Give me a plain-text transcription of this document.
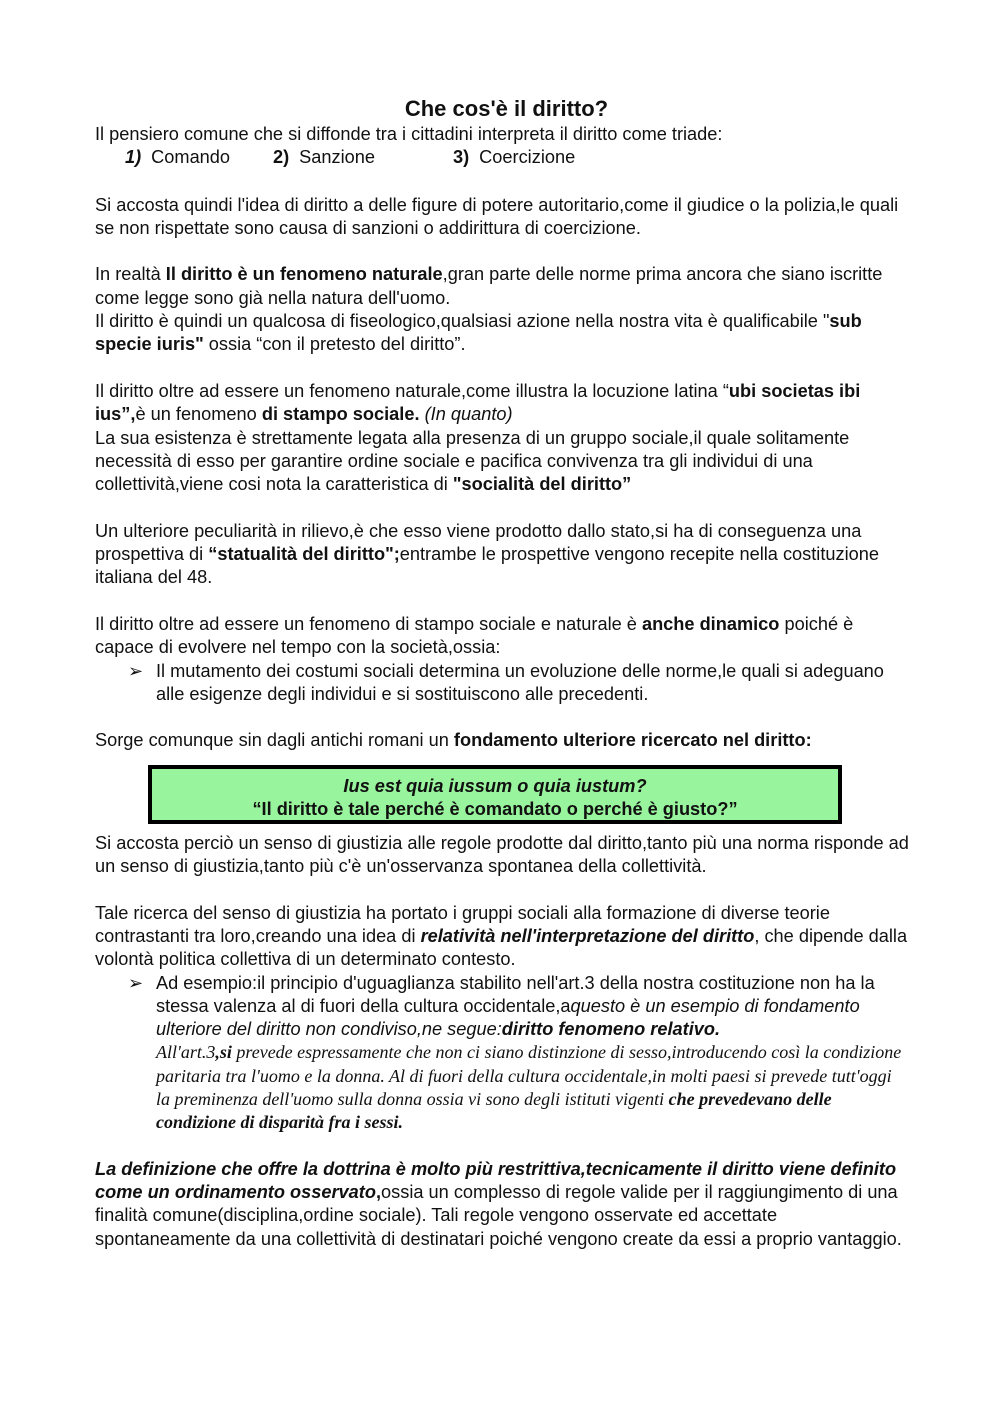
Che cos'è il diritto?

Il pensiero comune che si diffonde tra i cittadini interpreta il diritto come triade:

1) Comando	2) Sanzione	3) Coercizione

Si accosta quindi l'idea di diritto a delle figure di potere autoritario,come il giudice o la polizia,le quali se non rispettate sono causa di sanzioni o addirittura di coercizione.

In realtà Il diritto è un fenomeno naturale,gran parte delle norme prima ancora che siano iscritte come legge sono già nella natura dell'uomo.

Il diritto è quindi un qualcosa di fiseologico,qualsiasi azione nella nostra vita è qualificabile "sub specie iuris" ossia “con il pretesto del diritto”.

Il diritto oltre ad essere un fenomeno naturale,come illustra la locuzione latina “ubi societas ibi ius”,è un fenomeno di stampo sociale. (In quanto)

La sua esistenza è strettamente legata alla presenza di un gruppo sociale,il quale solitamente necessità di esso per garantire ordine sociale e pacifica convivenza tra gli individui di una collettività,viene cosi nota la caratteristica di "socialità del diritto”

Un ulteriore peculiarità in rilievo,è che esso viene prodotto dallo stato,si ha di conseguenza una prospettiva di “statualità del diritto";entrambe le prospettive vengono recepite nella costituzione italiana del 48.

Il diritto oltre ad essere un fenomeno di stampo sociale e naturale è anche dinamico poiché è capace di evolvere nel tempo con la società,ossia:

➢ Il mutamento dei costumi sociali determina un evoluzione delle norme,le quali si adeguano alle esigenze degli individui e si sostituiscono alle precedenti.

Sorge comunque sin dagli antichi romani un fondamento ulteriore ricercato nel diritto:

Ius est quia iussum o quia iustum?
“Il diritto è tale perché è comandato o perché è giusto?”

Si accosta perciò un senso di giustizia alle regole prodotte dal diritto,tanto più una norma risponde ad un senso di giustizia,tanto più c'è un'osservanza spontanea della collettività.

Tale ricerca del senso di giustizia ha portato i gruppi sociali alla formazione di diverse teorie contrastanti tra loro,creando una idea di relatività nell'interpretazione del diritto, che dipende dalla volontà politica collettiva di un determinato contesto.

➢ Ad esempio:il principio d'uguaglianza stabilito nell'art.3 della nostra costituzione non ha la stessa valenza al di fuori della cultura occidentale,aquesto è un esempio di fondamento ulteriore del diritto non condiviso,ne segue:diritto fenomeno relativo.
All'art.3,si prevede espressamente che non ci siano distinzione di sesso,introducendo così la condizione paritaria tra l'uomo e la donna. Al di fuori della cultura occidentale,in molti paesi si prevede tutt'oggi la preminenza dell'uomo sulla donna ossia vi sono degli istituti vigenti che prevedevano delle condizione di disparità fra i sessi.

La definizione che offre la dottrina è molto più restrittiva,tecnicamente il diritto viene definito come un ordinamento osservato,ossia un complesso di regole valide per il raggiungimento di una finalità comune(disciplina,ordine sociale). Tali regole vengono osservate ed accettate spontaneamente da una collettività di destinatari poiché vengono create da essi a proprio vantaggio.
